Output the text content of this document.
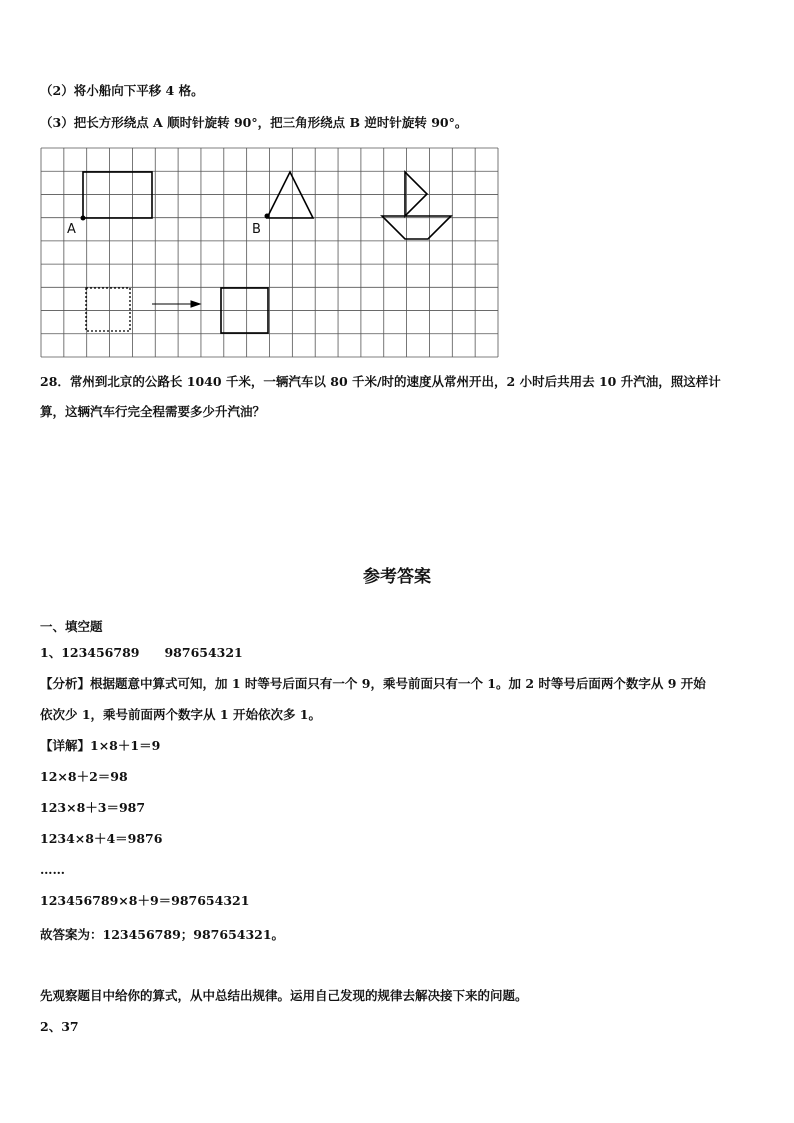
（2）将小船向下平移 4 格。
（3）把长方形绕点 A 顺时针旋转 90°，把三角形绕点 B 逆时针旋转 90°。
A	B
28．常州到北京的公路长 1040 千米，一辆汽车以 80 千米/时的速度从常州开出，2 小时后共用去 10 升汽油，照这样计
算，这辆汽车行完全程需要多少升汽油？
参考答案
一、填空题
1、123456789　　987654321
【分析】根据题意中算式可知，加 1 时等号后面只有一个 9，乘号前面只有一个 1。加 2 时等号后面两个数字从 9 开始
依次少 1，乘号前面两个数字从 1 开始依次多 1。
【详解】1×8＋1＝9
12×8＋2＝98
123×8＋3＝987
1234×8＋4＝9876
……
123456789×8＋9＝987654321
故答案为：123456789；987654321。
先观察题目中给你的算式，从中总结出规律。运用自己发现的规律去解决接下来的问题。
2、37
